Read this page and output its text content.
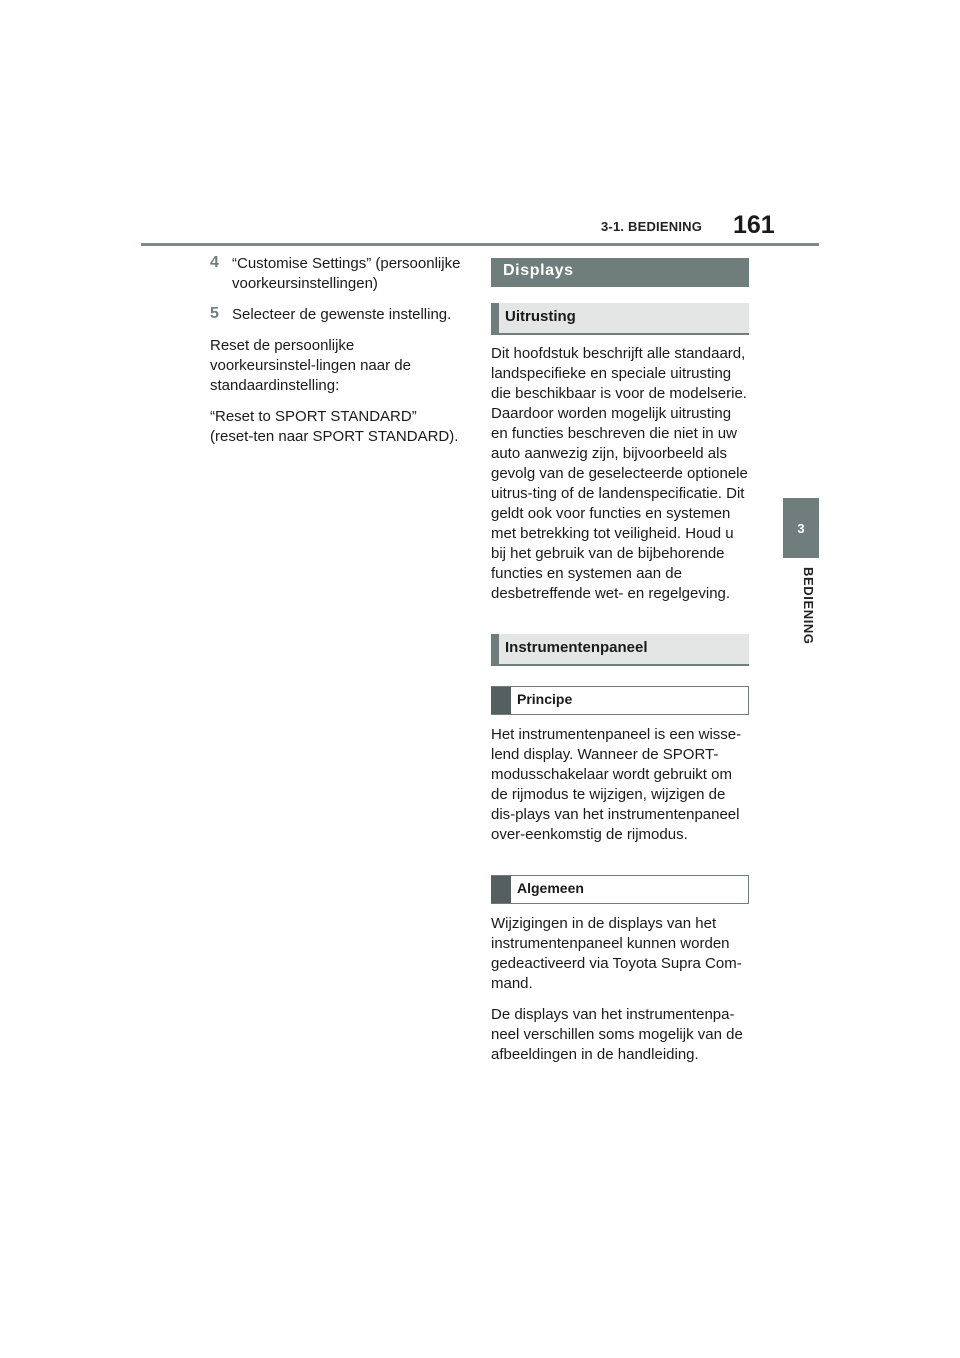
3-1. BEDIENING 161
3
BEDIENING
4 “Customise Settings” (persoonlijke voorkeursinstellingen)

5 Selecteer de gewenste instelling.

Reset de persoonlijke voorkeursinstel-lingen naar de standaardinstelling:

“Reset to SPORT STANDARD” (reset-ten naar SPORT STANDARD).

Displays
Uitrusting

Dit hoofdstuk beschrijft alle standaard, landspecifieke en speciale uitrusting die beschikbaar is voor de modelserie. Daardoor worden mogelijk uitrusting en functies beschreven die niet in uw auto aanwezig zijn, bijvoorbeeld als gevolg van de geselecteerde optionele uitrus-ting of de landenspecificatie. Dit geldt ook voor functies en systemen met betrekking tot veiligheid. Houd u bij het gebruik van de bijbehorende functies en systemen aan de desbetreffende wet- en regelgeving.

Instrumentenpaneel
Principe

Het instrumentenpaneel is een wisse-lend display. Wanneer de SPORT-modusschakelaar wordt gebruikt om de rijmodus te wijzigen, wijzigen de dis-plays van het instrumentenpaneel over-eenkomstig de rijmodus.

Algemeen

Wijzigingen in de displays van het instrumentenpaneel kunnen worden gedeactiveerd via Toyota Supra Com-mand.

De displays van het instrumentenpa-neel verschillen soms mogelijk van de afbeeldingen in de handleiding.
